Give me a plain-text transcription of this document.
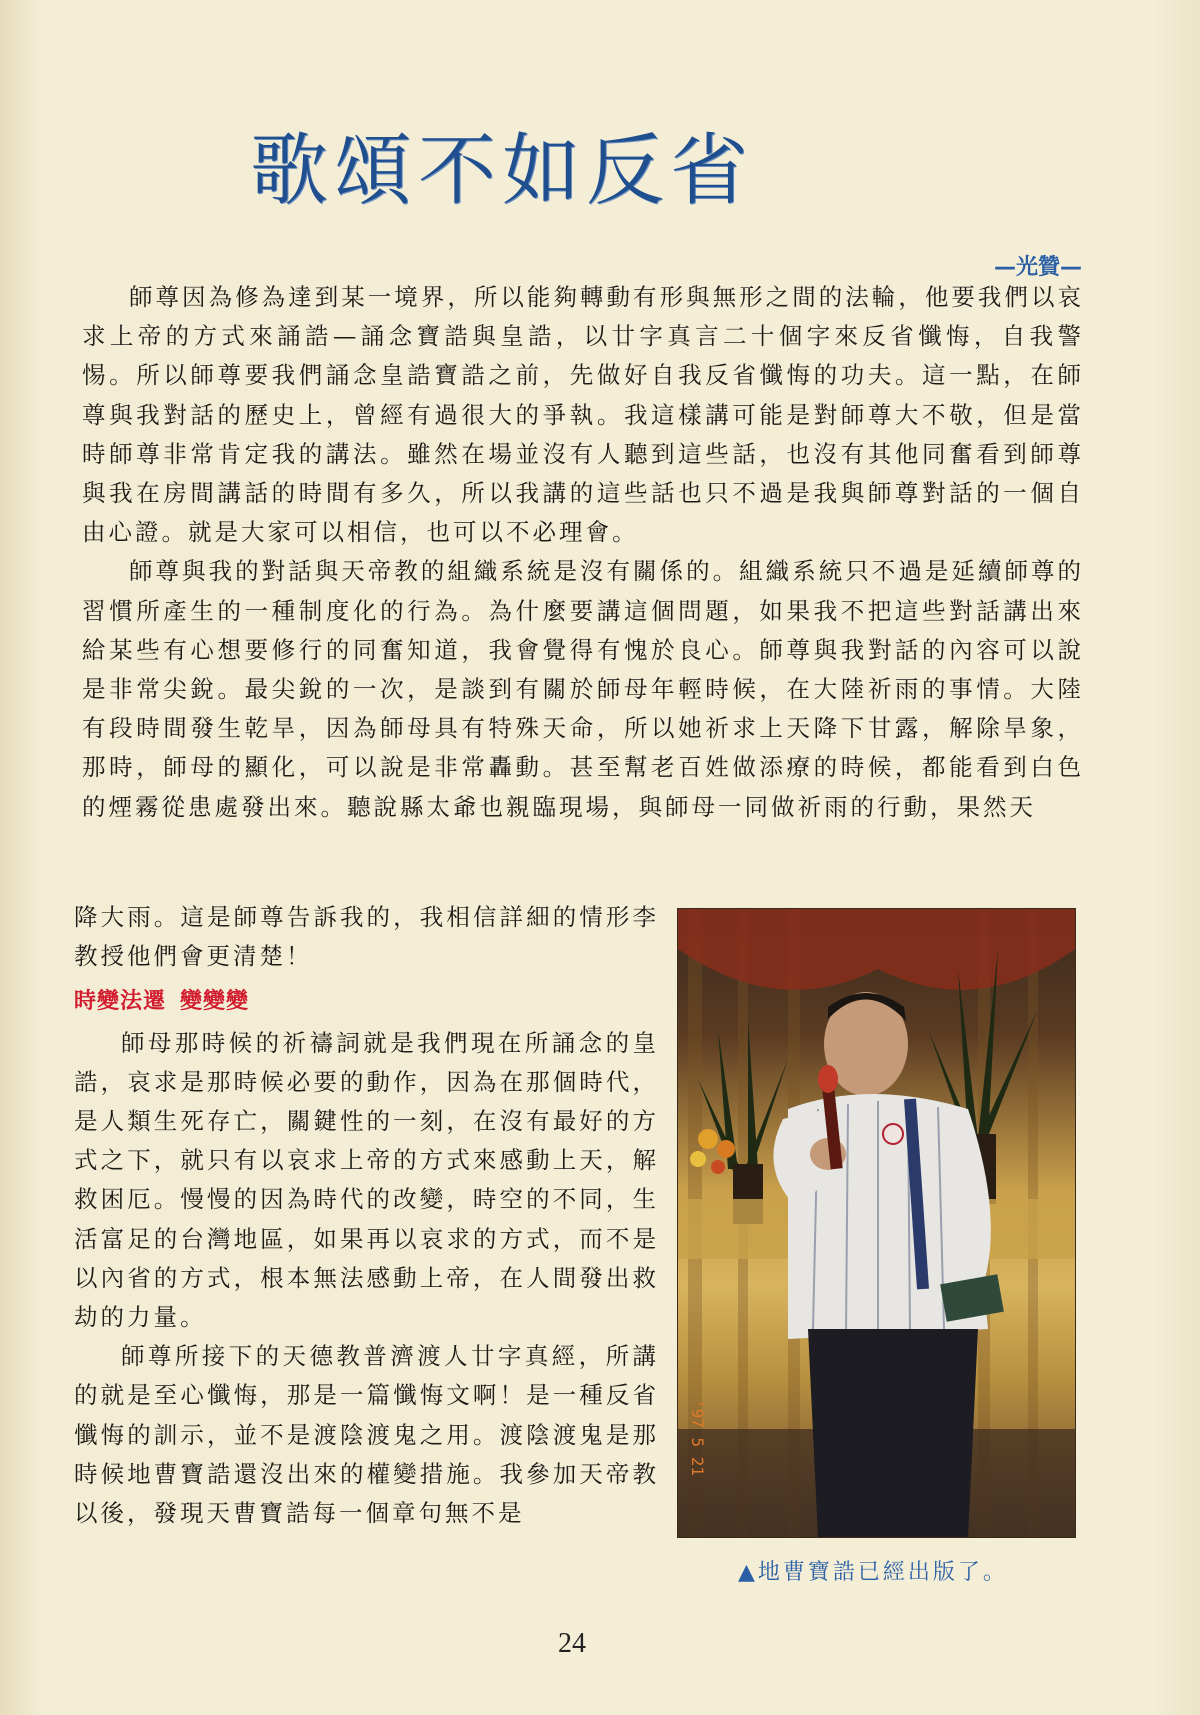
歌頌不如反省
—光贊—

師尊因為修為達到某一境界，所以能夠轉動有形與無形之間的法輪，他要我們以哀求上帝的方式來誦誥—誦念寶誥與皇誥，以廿字真言二十個字來反省懺悔，自我警惕。所以師尊要我們誦念皇誥寶誥之前，先做好自我反省懺悔的功夫。這一點，在師尊與我對話的歷史上，曾經有過很大的爭執。我這樣講可能是對師尊大不敬，但是當時師尊非常肯定我的講法。雖然在場並沒有人聽到這些話，也沒有其他同奮看到師尊與我在房間講話的時間有多久，所以我講的這些話也只不過是我與師尊對話的一個自由心證。就是大家可以相信，也可以不必理會。

師尊與我的對話與天帝教的組織系統是沒有關係的。組織系統只不過是延續師尊的習慣所產生的一種制度化的行為。為什麼要講這個問題，如果我不把這些對話講出來給某些有心想要修行的同奮知道，我會覺得有愧於良心。師尊與我對話的內容可以說是非常尖銳。最尖銳的一次，是談到有關於師母年輕時候，在大陸祈雨的事情。大陸有段時間發生乾旱，因為師母具有特殊天命，所以她祈求上天降下甘露，解除旱象，那時，師母的顯化，可以說是非常轟動。甚至幫老百姓做添療的時候，都能看到白色的煙霧從患處發出來。聽說縣太爺也親臨現場，與師母一同做祈雨的行動，果然天

降大雨。這是師尊告訴我的，我相信詳細的情形李教授他們會更清楚！

時變法遷 變變變

師母那時候的祈禱詞就是我們現在所誦念的皇誥，哀求是那時候必要的動作，因為在那個時代，是人類生死存亡，關鍵性的一刻，在沒有最好的方式之下，就只有以哀求上帝的方式來感動上天，解救困厄。慢慢的因為時代的改變，時空的不同，生活富足的台灣地區，如果再以哀求的方式，而不是以內省的方式，根本無法感動上帝，在人間發出救劫的力量。

師尊所接下的天德教普濟渡人廿字真經，所講的就是至心懺悔，那是一篇懺悔文啊！是一種反省懺悔的訓示，並不是渡陰渡鬼之用。渡陰渡鬼是那時候地曹寶誥還沒出來的權變措施。我參加天帝教以後，發現天曹寶誥每一個章句無不是

'97 5 21
▲地曹寶誥已經出版了。
24
